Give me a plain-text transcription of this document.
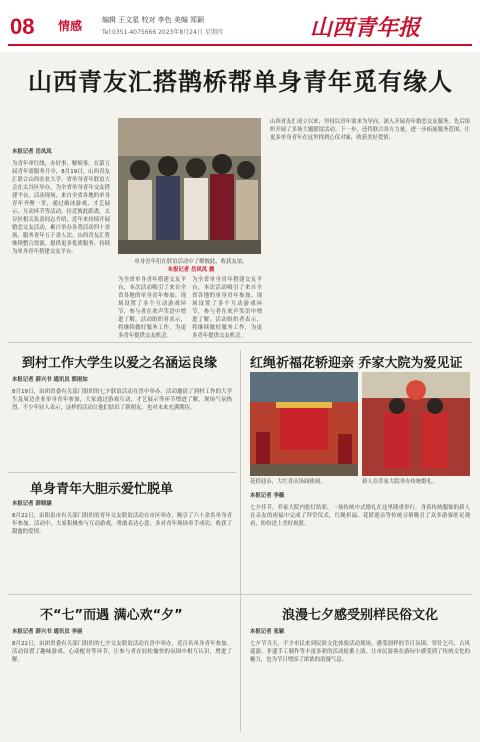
08 情感	编辑 王文星 校对 李色 美编 郑颖
Tel:0351-4075666 2023年8月24日 星期四	山西青年报
山西青友汇搭鹊桥帮单身青年觅有缘人
本报记者 岳凤凤
为青年牵红线，办好事，解烦事。在第五届青年需服务月中，8月19日，山西青友汇联合山西农业大学、省单身青年联谊大会在太谷区举办，为全省单身青年交友搭建平台。活动现场，来自全省各地的单身青年齐聚一堂，通过破冰游戏、才艺展示、互动环节等活动，拉近彼此距离。太谷区相关负责同志介绍，近年来持续开展婚恋交友活动，累计举办各类活动四十余场，服务青年五千余人次。山西青友汇将继续整合资源，提供更多优质服务，持续为单身青年搭建交友平台。
单身青年们在联谊活动中了解彼此，收获友谊。
本报记者 岳凤凤 摄
为全省单身青年搭建交友平台，本次活动吸引了来自全省各地的单身青年参加。现场设置了多个互动游戏环节，参与者在欢声笑语中增进了解。活动组织者表示，将继续做好服务工作，为更多青年提供交友机会。
为全省单身青年搭建交友平台，本次活动吸引了来自全省各地的单身青年参加。现场设置了多个互动游戏环节，参与者在欢声笑语中增进了解。活动组织者表示，将继续做好服务工作，为更多青年提供交友机会。
山西青友汇成立以来，坚持以青年需求为导向，深入开展青年婚恋交友服务，先后组织开展了多场主题联谊活动。下一步，还将联合各方力量，进一步拓展服务范围，让更多单身青年在这里找到心仪对象，收获美好爱情。
到村工作大学生以爱之名涵运良缘
本报记者 薛兴书 通讯员 郭雨如
8月19日，由团省委有关部门组织的七夕联谊活动在晋中举办。活动邀请了到村工作的大学生及周边企业单身青年参加，大家通过游戏互动、才艺展示等环节增进了解，现场气氛热烈。不少年轻人表示，这样的活动让他们结识了新朋友，也对未来充满期待。
单身青年大胆示爱忙脱单
本报记者 薛晓涵
8月22日，由阳泉市有关部门组织的青年交友联谊活动在市区举办，吸引了六十余名单身青年参加。活动中，大家积极参与互动游戏，勇敢表达心意，多对青年现场牵手成功，收获了甜蜜的爱情。
红绳祈福花轿迎亲 乔家大院为爱见证
花轿迎亲，大红喜庆场面热闹。	新人在乔家大院举办传统婚礼。
本报记者 李薇
七夕佳节，乔家大院内张灯结彩，一场传统中式婚礼在这里隆重举行。身着传统服饰的新人在亲友的祝福中完成了拜堂仪式，红绳祈福、花轿迎亲等传统习俗吸引了众多游客驻足观看，纷纷送上美好祝愿。
不“七”而遇 满心欢“夕”
本报记者 薛兴书 通讯员 李丽
8月22日，由团省委有关部门组织的七夕交友联谊活动在晋中举办，近百名单身青年参加。活动设置了趣味游戏、心动配对等环节，让参与者在轻松愉快的氛围中相互认识，增进了解。
浪漫七夕感受别样民俗文化
本报记者 张颖
七夕节当天，不少市民来到民俗文化体验活动现场，感受别样的节日氛围。穿针乞巧、古风巡游、非遗手工制作等丰富多彩的活动轮番上演，让市民游客在游玩中感受到了传统文化的魅力，也为节日增添了浓浓的浪漫气息。
